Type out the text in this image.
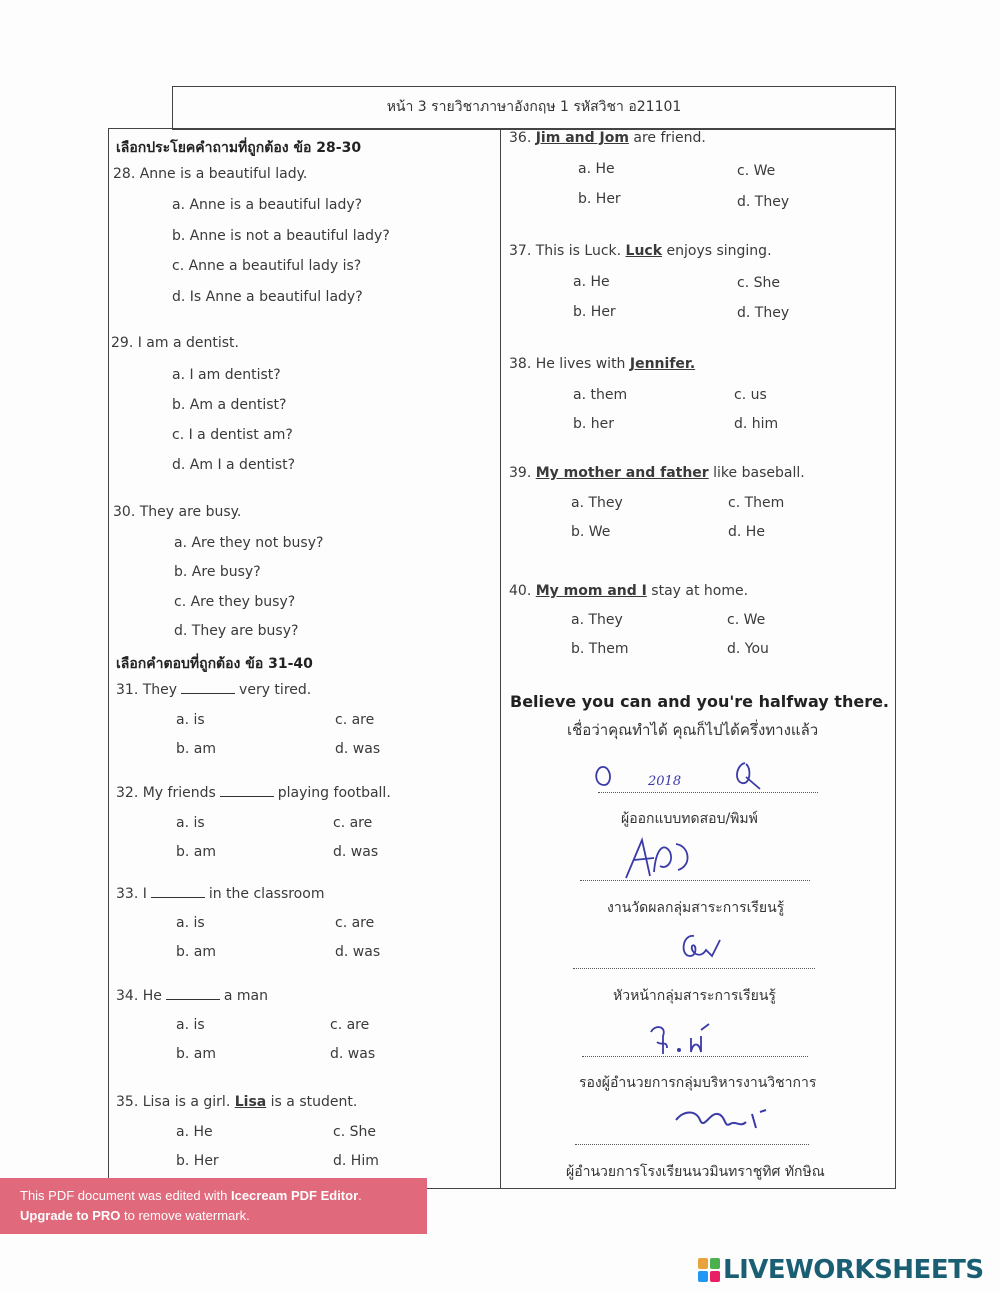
หน้า 3 รายวิชาภาษาอังกฤษ 1 รหัสวิชา อ21101
เลือกประโยคคำถามที่ถูกต้อง ข้อ 28-30
28. Anne is a beautiful lady.
a. Anne is a beautiful lady?
b. Anne is not a beautiful lady?
c. Anne a beautiful lady is?
d. Is Anne a beautiful lady?
29. I am a dentist.
a. I am dentist?
b. Am a dentist?
c. I a dentist am?
d. Am I a dentist?
30. They are busy.
a. Are they not busy?
b. Are busy?
c. Are they busy?
d. They are busy?
เลือกคำตอบที่ถูกต้อง ข้อ 31-40
31. They	very tired.
a. is	c. are
b. am	d. was
32. My friends	playing football.
a. is	c. are
b. am	d. was
33. I	in the classroom
a. is	c. are
b. am	d. was
34. He	a man
a. is	c. are
b. am	d. was
35. Lisa is a girl. Lisa is a student.
a. He	c. She
b. Her	d. Him
36. Jim and Jom are friend.
a. He	c. We
b. Her	d. They
37. This is Luck. Luck enjoys singing.
a. He	c. She
b. Her	d. They
38. He lives with Jennifer.
a. them	c. us
b. her	d. him
39. My mother and father like baseball.
a. They	c. Them
b. We	d. He
40. My mom and I stay at home.
a. They	c. We
b. Them	d. You
Believe you can and you're halfway there.
เชื่อว่าคุณทำได้ คุณก็ไปได้ครึ่งทางแล้ว
2018
ผู้ออกแบบทดสอบ/พิมพ์
งานวัดผลกลุ่มสาระการเรียนรู้
หัวหน้ากลุ่มสาระการเรียนรู้
รองผู้อำนวยการกลุ่มบริหารงานวิชาการ
ผู้อำนวยการโรงเรียนนวมินทราชูทิศ ทักษิณ
This PDF document was edited with Icecream PDF Editor.
Upgrade to PRO to remove watermark.
LIVEWORKSHEETS
